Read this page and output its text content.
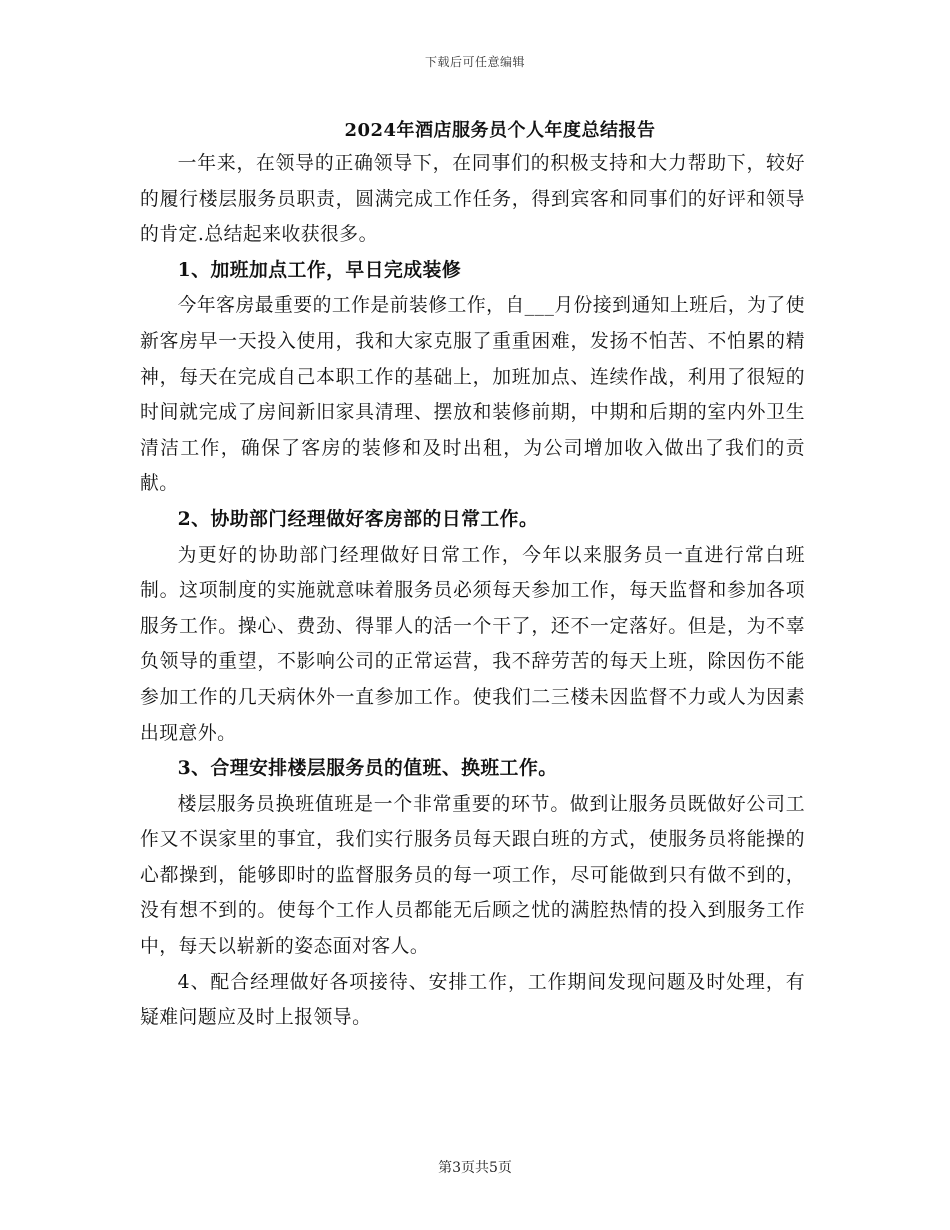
下载后可任意编辑
2024年酒店服务员个人年度总结报告

一年来，在领导的正确领导下，在同事们的积极支持和大力帮助下，较好的履行楼层服务员职责，圆满完成工作任务，得到宾客和同事们的好评和领导的肯定.总结起来收获很多。

1、加班加点工作，早日完成装修

今年客房最重要的工作是前装修工作，自___月份接到通知上班后，为了使新客房早一天投入使用，我和大家克服了重重困难，发扬不怕苦、不怕累的精神，每天在完成自己本职工作的基础上，加班加点、连续作战，利用了很短的时间就完成了房间新旧家具清理、摆放和装修前期，中期和后期的室内外卫生清洁工作，确保了客房的装修和及时出租，为公司增加收入做出了我们的贡献。

2、协助部门经理做好客房部的日常工作。

为更好的协助部门经理做好日常工作，今年以来服务员一直进行常白班制。这项制度的实施就意味着服务员必须每天参加工作，每天监督和参加各项服务工作。操心、费劲、得罪人的活一个干了，还不一定落好。但是，为不辜负领导的重望，不影响公司的正常运营，我不辞劳苦的每天上班，除因伤不能参加工作的几天病休外一直参加工作。使我们二三楼未因监督不力或人为因素出现意外。

3、合理安排楼层服务员的值班、换班工作。

楼层服务员换班值班是一个非常重要的环节。做到让服务员既做好公司工作又不误家里的事宜，我们实行服务员每天跟白班的方式，使服务员将能操的心都操到，能够即时的监督服务员的每一项工作，尽可能做到只有做不到的，没有想不到的。使每个工作人员都能无后顾之忧的满腔热情的投入到服务工作中，每天以崭新的姿态面对客人。

4、配合经理做好各项接待、安排工作，工作期间发现问题及时处理，有疑难问题应及时上报领导。

第3页共5页
